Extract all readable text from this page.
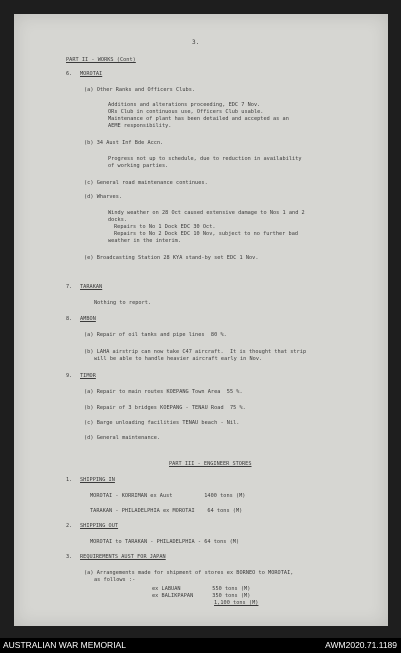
3.
PART II - WORKS (Cont)
6. MOROTAI
(a) Other Ranks and Officers Clubs.
Additions and alterations proceeding, EDC 7 Nov.
ORs Club in continuous use, Officers Club usable.
Maintenance of plant has been detailed and accepted as an
AEME responsibility.
(b) 34 Aust Inf Bde Accn.
Progress not up to schedule, due to reduction in availability
of working parties.
(c) General road maintenance continues.
(d) Wharves.
Windy weather on 28 Oct caused extensive damage to Nos 1 and 2
docks.
Repairs to No 1 Dock EDC 30 Oct.
Repairs to No 2 Dock EDC 10 Nov, subject to no further bad
weather in the interim.
(e) Broadcasting Station 28 KYA stand-by set EDC 1 Nov.
7. TARAKAN
Nothing to report.
8. AMBON
(a) Repair of oil tanks and pipe lines  80 %.
(b) LAHA airstrip can now take C47 aircraft.  It is thought that strip
will be able to handle heavier aircraft early in Nov.
9. TIMOR
(a) Repair to main routes KOEPANG Town Area  55 %.
(b) Repair of 3 bridges KOEPANG - TENAU Road  75 %.
(c) Barge unloading facilities TENAU beach - Nil.
(d) General maintenance.
PART III - ENGINEER STORES
1. SHIPPING IN
MOROTAI - KORRIMAN ex Aust          1400 tons (M)
TARAKAN - PHILADELPHIA ex MOROTAI    64 tons (M)
2. SHIPPING OUT
MOROTAI to TARAKAN - PHILADELPHIA - 64 tons (M)
3. REQUIREMENTS AUST FOR JAPAN
(a) Arrangements made for shipment of stores ex BORNEO to MOROTAI,
as follows :-
ex LABUAN          550 tons (M)
ex BALIKPAPAN      350 tons (M)
1,100 tons (M)
AUSTRALIAN WAR MEMORIAL	AWM2020.71.1189
